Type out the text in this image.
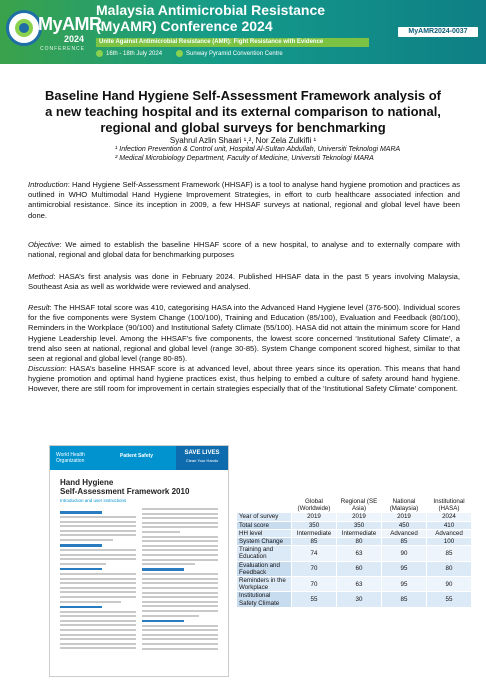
MyAMR
2024
CONFERENCE
Malaysia Antimicrobial Resistance
(MyAMR) Conference 2024
Unite Against Antimicrobial Resistance (AMR): Fight Resistance with Evidence
16th - 18th July 2024	Sunway Pyramid Convention Centre
MyAMR2024-0037
Baseline Hand Hygiene Self-Assessment Framework analysis of a new teaching hospital and its external comparison to national, regional and global surveys for benchmarking
Syahrul Azlin Shaari ¹,², Nor Zela Zulkifli ¹
¹ Infection Prevention & Control unit, Hospital Al-Sultan Abdullah, Universiti Teknologi MARA
² Medical Microbiology Department, Faculty of Medicine, Universiti Teknologi MARA

Introduction: Hand Hygiene Self-Assessment Framework (HHSAF) is a tool to analyse hand hygiene promotion and practices as outlined in WHO Multimodal Hand Hygiene Improvement Strategies, in effort to curb healthcare associated infection and antimicrobial resistance. Since its inception in 2009, a few HHSAF surveys at national, regional and global level have been done.

Objective: We aimed to establish the baseline HHSAF score of a new hospital, to analyse and to externally compare with national, regional and global data for benchmarking purposes

Method: HASA’s first analysis was done in February 2024. Published HHSAF data in the past 5 years involving Malaysia, Southeast Asia as well as worldwide were reviewed and analysed.

Result: The HHSAF total score was 410, categorising HASA into the Advanced Hand Hygiene level (376-500). Individual scores for the five components were System Change (100/100), Training and Education (85/100), Evaluation and Feedback (80/100), Reminders in the Workplace (90/100) and Institutional Safety Climate (55/100). HASA did not attain the minimum score for Hand Hygiene Leadership level. Among the HHSAF’s five components, the lowest score concerned ‘Institutional Safety Climate’, a trend also seen at national, regional and global level (range 30-85). System Change component scored highest, similar to that seen at regional and global level (range 80-85).

Discussion: HASA’s baseline HHSAF score is at advanced level, about three years since its operation. This means that hand hygiene promotion and optimal hand hygiene practices exist, thus helping to embed a culture of safety around hand hygiene. However, there are still room for improvement in certain strategies especially that of the ‘Institutional Safety Climate’ component.

World Health Organization
Patient Safety	SAVE LIVES
Clean Your Hands
Hand Hygiene
Self-Assessment Framework 2010
Introduction and user instructions
		Global (Worldwide)	Regional (SE Asia)	National (Malaysia)	Institutional (HASA)
Year of survey	2019	2019	2019	2024
Total score	350	350	450	410
HH level	Intermediate	Intermediate	Advanced	Advanced
System Change	85	80	85	100
Training and Education	74	63	90	85
Evaluation and Feedback	70	60	95	80
Reminders in the Workplace	70	63	95	90
Institutional Safety Climate	55	30	85	55
